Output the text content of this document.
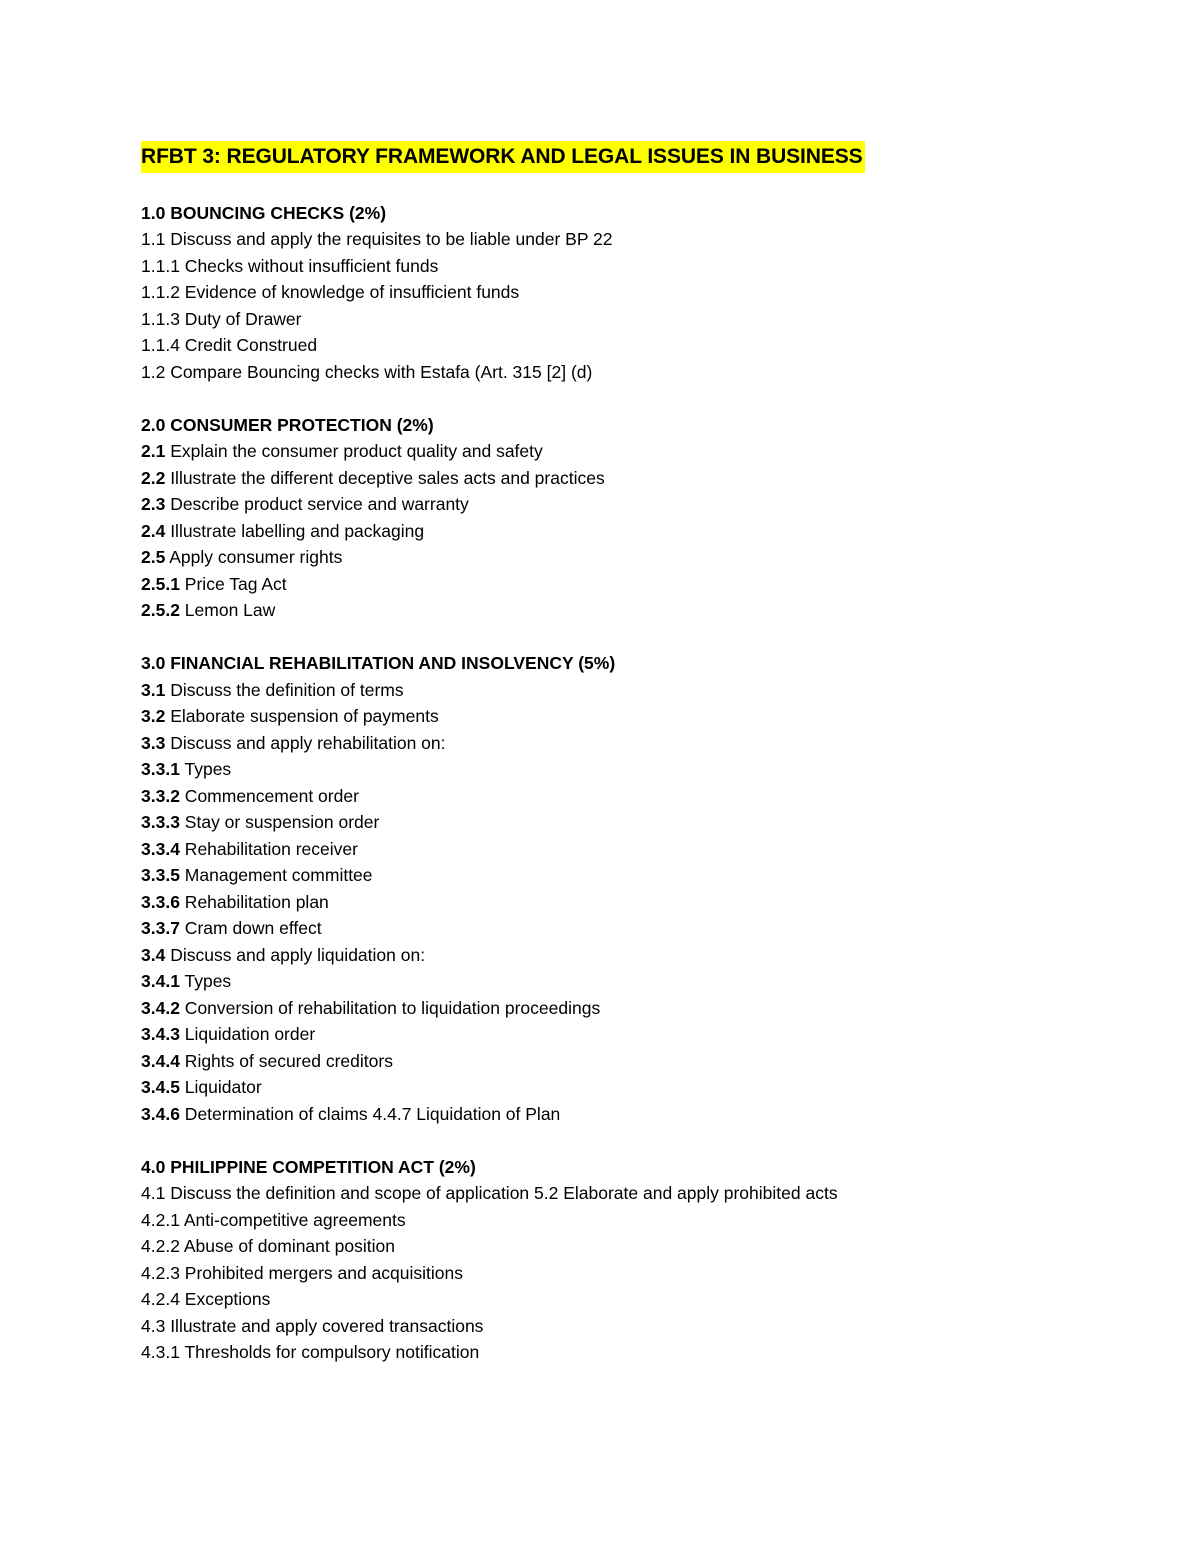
RFBT 3: REGULATORY FRAMEWORK AND LEGAL ISSUES IN BUSINESS
1.0 BOUNCING CHECKS (2%)
1.1 Discuss and apply the requisites to be liable under BP 22
1.1.1 Checks without insufficient funds
1.1.2 Evidence of knowledge of insufficient funds
1.1.3 Duty of Drawer
1.1.4 Credit Construed
1.2 Compare Bouncing checks with Estafa (Art. 315 [2] (d)
2.0 CONSUMER PROTECTION (2%)
2.1 Explain the consumer product quality and safety
2.2 Illustrate the different deceptive sales acts and practices
2.3 Describe product service and warranty
2.4 Illustrate labelling and packaging
2.5 Apply consumer rights
2.5.1 Price Tag Act
2.5.2 Lemon Law
3.0 FINANCIAL REHABILITATION AND INSOLVENCY (5%)
3.1 Discuss the definition of terms
3.2 Elaborate suspension of payments
3.3 Discuss and apply rehabilitation on:
3.3.1 Types
3.3.2 Commencement order
3.3.3 Stay or suspension order
3.3.4 Rehabilitation receiver
3.3.5 Management committee
3.3.6 Rehabilitation plan
3.3.7 Cram down effect
3.4 Discuss and apply liquidation on:
3.4.1 Types
3.4.2 Conversion of rehabilitation to liquidation proceedings
3.4.3 Liquidation order
3.4.4 Rights of secured creditors
3.4.5 Liquidator
3.4.6 Determination of claims 4.4.7 Liquidation of Plan
4.0 PHILIPPINE COMPETITION ACT (2%)
4.1 Discuss the definition and scope of application 5.2 Elaborate and apply prohibited acts
4.2.1 Anti-competitive agreements
4.2.2 Abuse of dominant position
4.2.3 Prohibited mergers and acquisitions
4.2.4 Exceptions
4.3 Illustrate and apply covered transactions
4.3.1 Thresholds for compulsory notification
